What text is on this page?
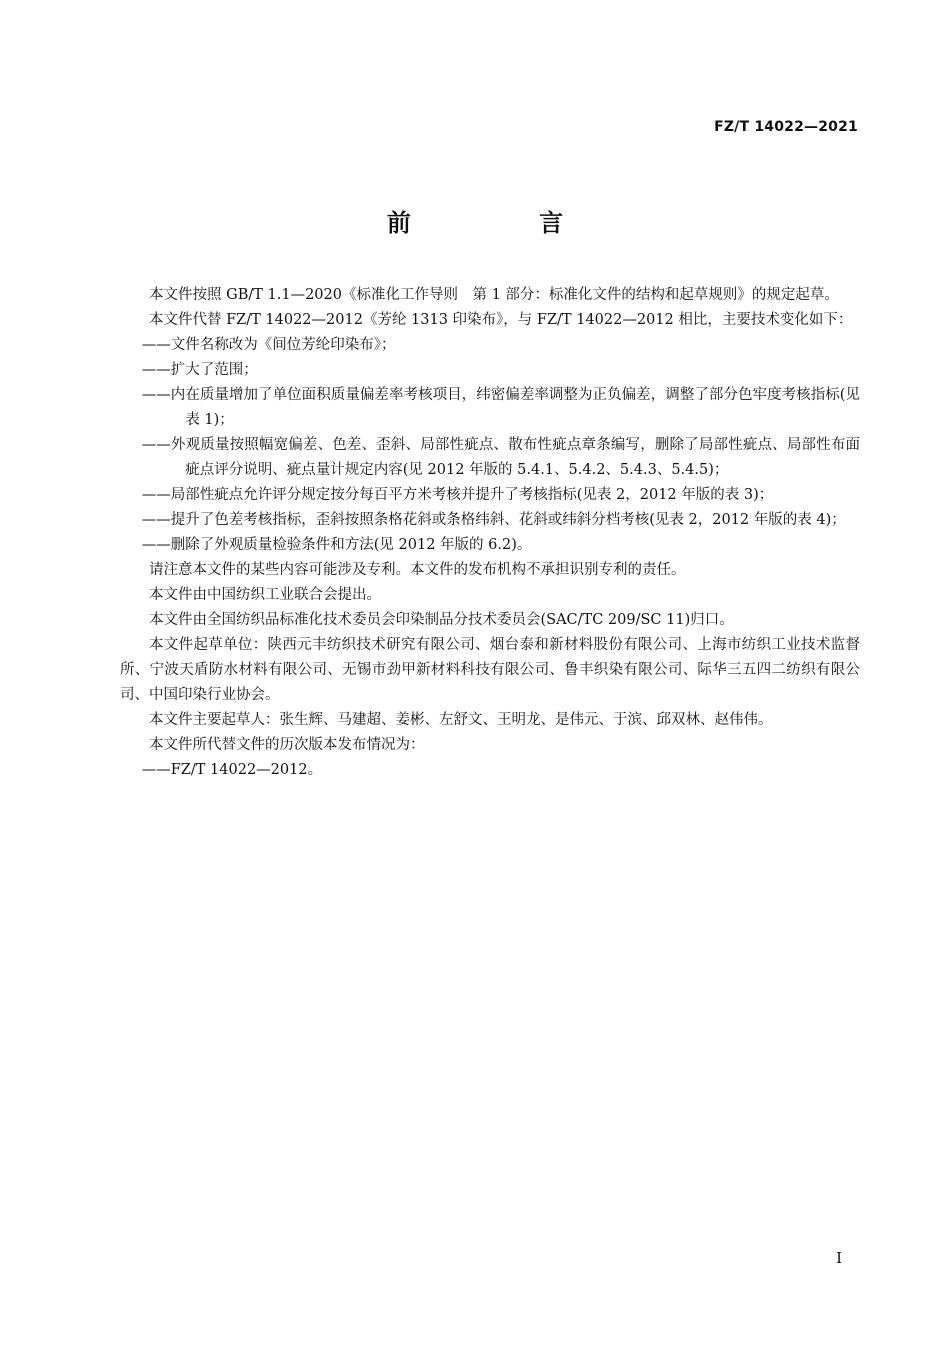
FZ/T 14022—2021
前 言

本文件按照 GB/T 1.1—2020《标准化工作导则　第 1 部分：标准化文件的结构和起草规则》的规定起草。

本文件代替 FZ/T 14022—2012《芳纶 1313 印染布》，与 FZ/T 14022—2012 相比，主要技术变化如下：

——文件名称改为《间位芳纶印染布》；

——扩大了范围；

——内在质量增加了单位面积质量偏差率考核项目，纬密偏差率调整为正负偏差，调整了部分色牢度考核指标(见表 1)；

——外观质量按照幅宽偏差、色差、歪斜、局部性疵点、散布性疵点章条编写，删除了局部性疵点、局部性布面疵点评分说明、疵点量计规定内容(见 2012 年版的 5.4.1、5.4.2、5.4.3、5.4.5)；

——局部性疵点允许评分规定按分每百平方米考核并提升了考核指标(见表 2，2012 年版的表 3)；

——提升了色差考核指标，歪斜按照条格花斜或条格纬斜、花斜或纬斜分档考核(见表 2，2012 年版的表 4)；

——删除了外观质量检验条件和方法(见 2012 年版的 6.2)。

请注意本文件的某些内容可能涉及专利。本文件的发布机构不承担识别专利的责任。

本文件由中国纺织工业联合会提出。

本文件由全国纺织品标准化技术委员会印染制品分技术委员会(SAC/TC 209/SC 11)归口。

本文件起草单位：陕西元丰纺织技术研究有限公司、烟台泰和新材料股份有限公司、上海市纺织工业技术监督所、宁波天盾防水材料有限公司、无锡市劲甲新材料科技有限公司、鲁丰织染有限公司、际华三五四二纺织有限公司、中国印染行业协会。

本文件主要起草人：张生辉、马建超、姜彬、左舒文、王明龙、是伟元、于滨、邱双林、赵伟伟。

本文件所代替文件的历次版本发布情况为：

——FZ/T 14022—2012。

I
